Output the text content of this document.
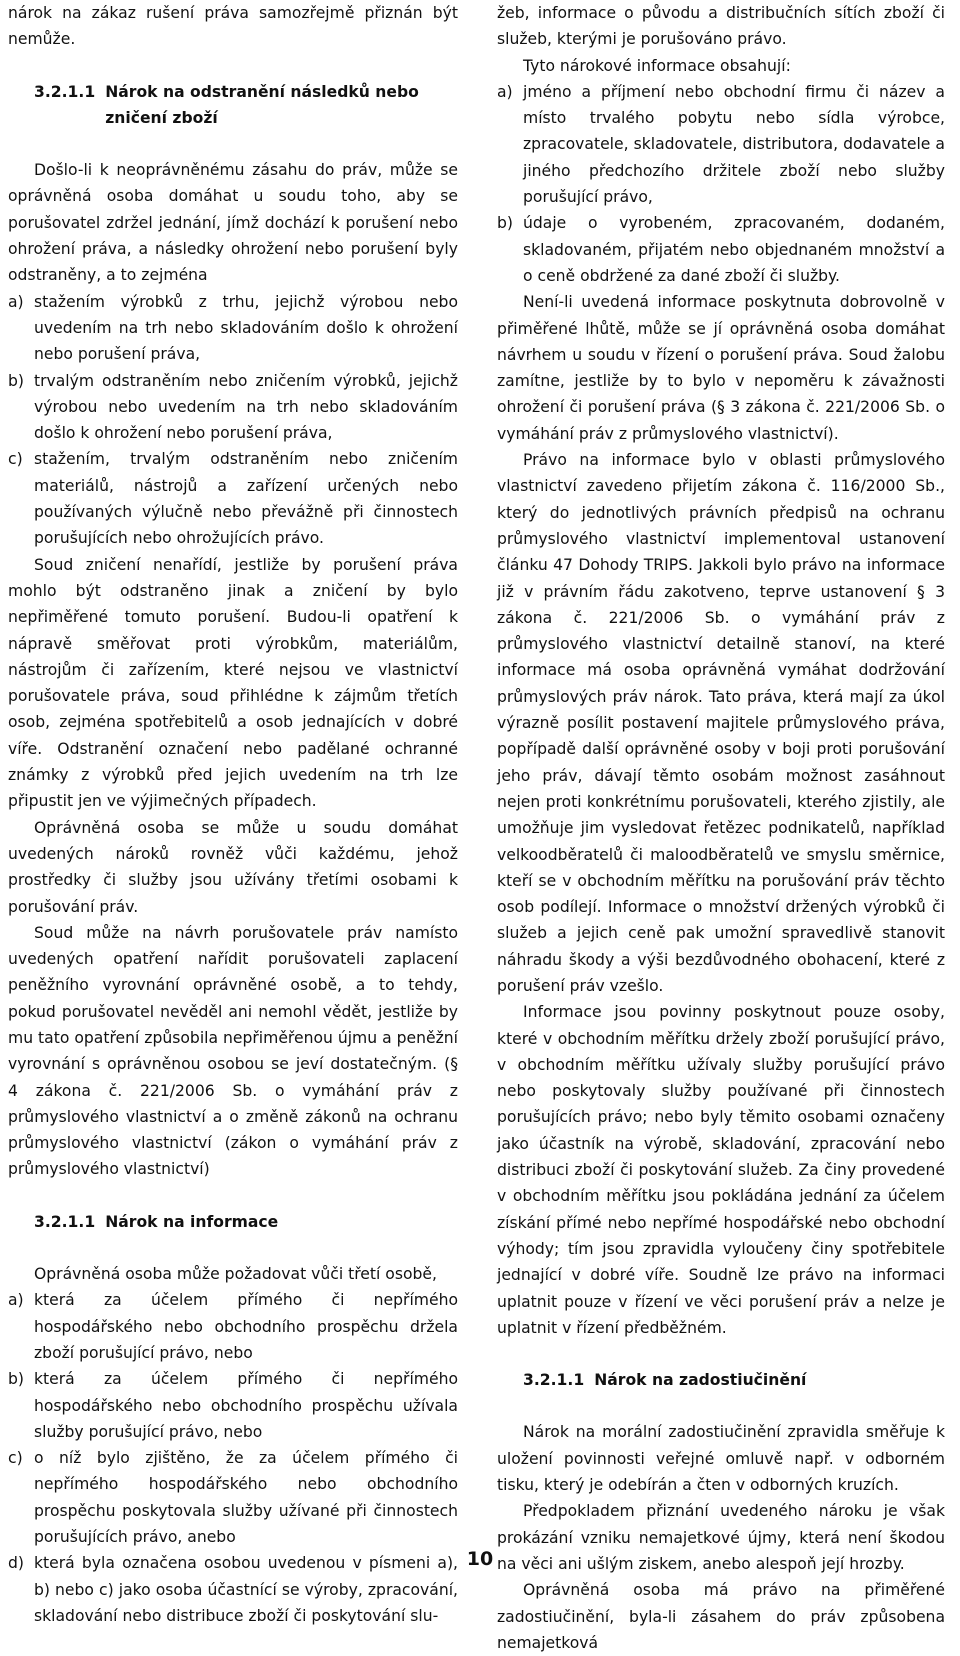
nárok na zákaz rušení práva samozřejmě přiznán být nemůže.

3.2.1.1 Nárok na odstranění následků nebo zničení zboží

Došlo-li k neoprávněnému zásahu do práv, může se oprávněná osoba domáhat u soudu toho, aby se porušovatel zdržel jednání, jímž dochází k porušení nebo ohrožení práva, a následky ohrožení nebo porušení byly odstraněny, a to zejména

a) stažením výrobků z trhu, jejichž výrobou nebo uvedením na trh nebo skladováním došlo k ohrožení nebo porušení práva,
b) trvalým odstraněním nebo zničením výrobků, jejichž výrobou nebo uvedením na trh nebo skladováním došlo k ohrožení nebo porušení práva,
c) stažením, trvalým odstraněním nebo zničením materiálů, nástrojů a zařízení určených nebo používaných výlučně nebo převážně při činnostech porušujících nebo ohrožujících právo.

Soud zničení nenařídí, jestliže by porušení práva mohlo být odstraněno jinak a zničení by bylo nepřiměřené tomuto porušení. Budou-li opatření k nápravě směřovat proti výrobkům, materiálům, nástrojům či zařízením, které nejsou ve vlastnictví porušovatele práva, soud přihlédne k zájmům třetích osob, zejména spotřebitelů a osob jednajících v dobré víře. Odstranění označení nebo padělané ochranné známky z výrobků před jejich uvedením na trh lze připustit jen ve výjimečných případech.

Oprávněná osoba se může u soudu domáhat uvedených nároků rovněž vůči každému, jehož prostředky či služby jsou užívány třetími osobami k porušování práv.

Soud může na návrh porušovatele práv namísto uvedených opatření nařídit porušovateli zaplacení peněžního vyrovnání oprávněné osobě, a to tehdy, pokud porušovatel nevěděl ani nemohl vědět, jestliže by mu tato opatření způsobila nepřiměřenou újmu a peněžní vyrovnání s oprávněnou osobou se jeví dostatečným. (§ 4 zákona č. 221/2006 Sb. o vymáhání práv z průmyslového vlastnictví a o změně zákonů na ochranu průmyslového vlastnictví (zákon o vymáhání práv z průmyslového vlastnictví)

3.2.1.1 Nárok na informace

Oprávněná osoba může požadovat vůči třetí osobě,

a) která za účelem přímého či nepřímého hospodářského nebo obchodního prospěchu držela zboží porušující právo, nebo
b) která za účelem přímého či nepřímého hospodářského nebo obchodního prospěchu užívala služby porušující právo, nebo
c) o níž bylo zjištěno, že za účelem přímého či nepřímého hospodářského nebo obchodního prospěchu poskytovala služby užívané při činnostech porušujících právo, anebo
d) která byla označena osobou uvedenou v písmeni a), b) nebo c) jako osoba účastnící se výroby, zpracování, skladování nebo distribuce zboží či poskytování slu-

žeb, informace o původu a distribučních sítích zboží či služeb, kterými je porušováno právo.

Tyto nárokové informace obsahují:

a) jméno a příjmení nebo obchodní firmu či název a místo trvalého pobytu nebo sídla výrobce, zpracovatele, skladovatele, distributora, dodavatele a jiného předchozího držitele zboží nebo služby porušující právo,
b) údaje o vyrobeném, zpracovaném, dodaném, skladovaném, přijatém nebo objednaném množství a o ceně obdržené za dané zboží či služby.

Není-li uvedená informace poskytnuta dobrovolně v přiměřené lhůtě, může se jí oprávněná osoba domáhat návrhem u soudu v řízení o porušení práva. Soud žalobu zamítne, jestliže by to bylo v nepoměru k závažnosti ohrožení či porušení práva (§ 3 zákona č. 221/2006 Sb. o vymáhání práv z průmyslového vlastnictví).

Právo na informace bylo v oblasti průmyslového vlastnictví zavedeno přijetím zákona č. 116/2000 Sb., který do jednotlivých právních předpisů na ochranu průmyslového vlastnictví implementoval ustanovení článku 47 Dohody TRIPS. Jakkoli bylo právo na informace již v právním řádu zakotveno, teprve ustanovení § 3 zákona č. 221/2006 Sb. o vymáhání práv z průmyslového vlastnictví detailně stanoví, na které informace má osoba oprávněná vymáhat dodržování průmyslových práv nárok. Tato práva, která mají za úkol výrazně posílit postavení majitele průmyslového práva, popřípadě další oprávněné osoby v boji proti porušování jeho práv, dávají těmto osobám možnost zasáhnout nejen proti konkrétnímu porušovateli, kterého zjistily, ale umožňuje jim vysledovat řetězec podnikatelů, například velkoodběratelů či maloodběratelů ve smyslu směrnice, kteří se v obchodním měřítku na porušování práv těchto osob podílejí. Informace o množství držených výrobků či služeb a jejich ceně pak umožní spravedlivě stanovit náhradu škody a výši bezdůvodného obohacení, které z porušení práv vzešlo.

Informace jsou povinny poskytnout pouze osoby, které v obchodním měřítku držely zboží porušující právo, v obchodním měřítku užívaly služby porušující právo nebo poskytovaly služby používané při činnostech porušujících právo; nebo byly těmito osobami označeny jako účastník na výrobě, skladování, zpracování nebo distribuci zboží či poskytování služeb. Za činy provedené v obchodním měřítku jsou pokládána jednání za účelem získání přímé nebo nepřímé hospodářské nebo obchodní výhody; tím jsou zpravidla vyloučeny činy spotřebitele jednající v dobré víře. Soudně lze právo na informaci uplatnit pouze v řízení ve věci porušení práv a nelze je uplatnit v řízení předběžném.

3.2.1.1 Nárok na zadostiučinění

Nárok na morální zadostiučinění zpravidla směřuje k uložení povinnosti veřejné omluvě např. v odborném tisku, který je odebírán a čten v odborných kruzích.

Předpokladem přiznání uvedeného nároku je však prokázání vzniku nemajetkové újmy, která není škodou na věci ani ušlým ziskem, anebo alespoň její hrozby.

Oprávněná osoba má právo na přiměřené zadostiučinění, byla-li zásahem do práv způsobena nemajetková

10
